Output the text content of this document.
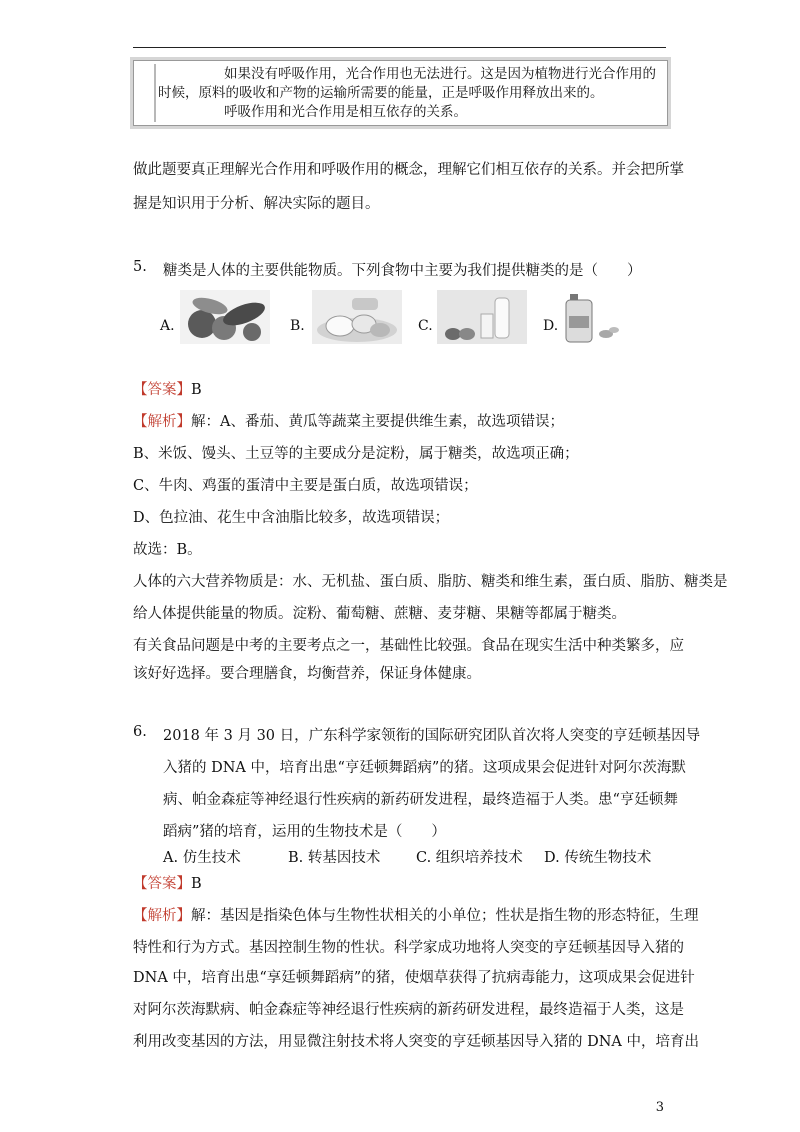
如果没有呼吸作用，光合作用也无法进行。这是因为植物进行光合作用的

时候，原料的吸收和产物的运输所需要的能量，正是呼吸作用释放出来的。

呼吸作用和光合作用是相互依存的关系。

做此题要真正理解光合作用和呼吸作用的概念，理解它们相互依存的关系。并会把所掌

握是知识用于分析、解决实际的题目。

5. 糖类是人体的主要供能物质。下列食物中主要为我们提供糖类的是（　　）
A.	B.	C.	D.

【答案】B

【解析】解：A、番茄、黄瓜等蔬菜主要提供维生素，故选项错误；

B、米饭、馒头、土豆等的主要成分是淀粉，属于糖类，故选项正确；

C、牛肉、鸡蛋的蛋清中主要是蛋白质，故选项错误；

D、色拉油、花生中含油脂比较多，故选项错误；

故选：B。

人体的六大营养物质是：水、无机盐、蛋白质、脂肪、糖类和维生素，蛋白质、脂肪、糖类是

给人体提供能量的物质。淀粉、葡萄糖、蔗糖、麦芽糖、果糖等都属于糖类。

有关食品问题是中考的主要考点之一，基础性比较强。食品在现实生活中种类繁多，应

该好好选择。要合理膳食，均衡营养，保证身体健康。

6. 2018 年 3 月 30 日，广东科学家领衔的国际研究团队首次将人突变的亨廷顿基因导

入猪的 DNA 中，培育出患“亨廷顿舞蹈病”的猪。这项成果会促进针对阿尔茨海默

病、帕金森症等神经退行性疾病的新药研发进程，最终造福于人类。患“亨廷顿舞

蹈病”猪的培育，运用的生物技术是（　　）

A. 仿生技术	B. 转基因技术 C. 组织培养技术 D. 传统生物技术

【答案】B

【解析】解：基因是指染色体与生物性状相关的小单位；性状是指生物的形态特征，生理

特性和行为方式。基因控制生物的性状。科学家成功地将人突变的亨廷顿基因导入猪的

DNA 中，培育出患“享廷顿舞蹈病”的猪，使烟草获得了抗病毒能力，这项成果会促进针

对阿尔茨海默病、帕金森症等神经退行性疾病的新药研发进程，最终造福于人类，这是

利用改变基因的方法，用显微注射技术将人突变的亨廷顿基因导入猪的 DNA 中，培育出

3
